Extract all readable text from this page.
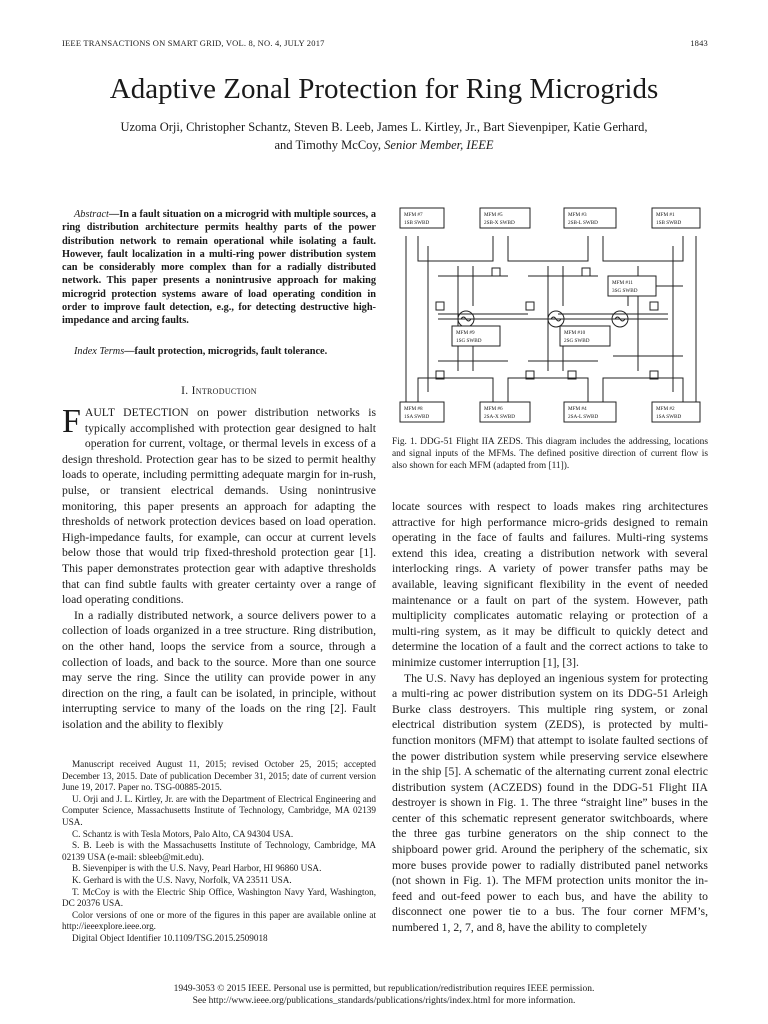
IEEE TRANSACTIONS ON SMART GRID, VOL. 8, NO. 4, JULY 2017	1843
Adaptive Zonal Protection for Ring Microgrids
Uzoma Orji, Christopher Schantz, Steven B. Leeb, James L. Kirtley, Jr., Bart Sievenpiper, Katie Gerhard,
and Timothy McCoy, Senior Member, IEEE
Abstract—In a fault situation on a microgrid with multiple sources, a ring distribution architecture permits healthy parts of the power distribution network to remain operational while isolating a fault. However, fault localization in a multi-ring power distribution system can be considerably more complex than for a radially distributed network. This paper presents a nonintrusive approach for making microgrid protection systems aware of load operating condition in order to improve fault detection, e.g., for detecting destructive high-impedance and arcing faults.
Index Terms—fault protection, microgrids, fault tolerance.
I. Introduction

FAULT DETECTION on power distribution networks is typically accomplished with protection gear designed to halt operation for current, voltage, or thermal levels in excess of a design threshold. Protection gear has to be sized to permit healthy loads to operate, including permitting adequate margin for in-rush, pulse, or transient electrical demands. Using nonintrusive monitoring, this paper presents an approach for adapting the thresholds of network protection devices based on load operation. High-impedance faults, for example, can occur at current levels below those that would trip fixed-threshold protection gear [1]. This paper demonstrates protection gear with adaptive thresholds that can find subtle faults with greater certainty over a range of load operating conditions.

In a radially distributed network, a source delivers power to a collection of loads organized in a tree structure. Ring distribution, on the other hand, loops the service from a source, through a collection of loads, and back to the source. More than one source may serve the ring. Since the utility can provide power in any direction on the ring, a fault can be isolated, in principle, without interrupting service to many of the loads on the ring [2]. Fault isolation and the ability to flexibly

Manuscript received August 11, 2015; revised October 25, 2015; accepted December 13, 2015. Date of publication December 31, 2015; date of current version June 19, 2017. Paper no. TSG-00885-2015.

U. Orji and J. L. Kirtley, Jr. are with the Department of Electrical Engineering and Computer Science, Massachusetts Institute of Technology, Cambridge, MA 02139 USA.

C. Schantz is with Tesla Motors, Palo Alto, CA 94304 USA.

S. B. Leeb is with the Massachusetts Institute of Technology, Cambridge, MA 02139 USA (e-mail: sbleeb@mit.edu).

B. Sievenpiper is with the U.S. Navy, Pearl Harbor, HI 96860 USA.

K. Gerhard is with the U.S. Navy, Norfolk, VA 23511 USA.

T. McCoy is with the Electric Ship Office, Washington Navy Yard, Washington, DC 20376 USA.

Color versions of one or more of the figures in this paper are available online at http://ieeexplore.ieee.org.

Digital Object Identifier 10.1109/TSG.2015.2509018

MFM #7
1SB SWBD
MFM #5
2SB-X SWBD
MFM #3
2SB-L SWBD
MFM #1
1SB SWBD
MFM #11
3SG SWBD
MFM #9
1SG SWBD
MFM #10
2SG SWBD
MFM #8
1SA SWBD
MFM #6
2SA-X SWBD
MFM #4
2SA-L SWBD
MFM #2
1SA SWBD
Fig. 1. DDG-51 Flight IIA ZEDS. This diagram includes the addressing, locations and signal inputs of the MFMs. The defined positive direction of current flow is also shown for each MFM (adapted from [11]).

locate sources with respect to loads makes ring architectures attractive for high performance micro-grids designed to remain operating in the face of faults and failures. Multi-ring systems extend this idea, creating a distribution network with several interlocking rings. A variety of power transfer paths may be available, leaving significant flexibility in the event of needed maintenance or a fault on part of the system. However, path multiplicity complicates automatic relaying or protection of a multi-ring system, as it may be difficult to quickly detect and determine the location of a fault and the correct actions to take to minimize customer interruption [1], [3].

The U.S. Navy has deployed an ingenious system for protecting a multi-ring ac power distribution system on its DDG-51 Arleigh Burke class destroyers. This multiple ring system, or zonal electrical distribution system (ZEDS), is protected by multi-function monitors (MFM) that attempt to isolate faulted sections of the power distribution system while preserving service elsewhere in the ship [5]. A schematic of the alternating current zonal electric distribution system (ACZEDS) found in the DDG-51 Flight IIA destroyer is shown in Fig. 1. The three “straight line” buses in the center of this schematic represent generator switchboards, where the three gas turbine generators on the ship connect to the shipboard power grid. Around the periphery of the schematic, six more buses provide power to radially distributed panel networks (not shown in Fig. 1). The MFM protection units monitor the in-feed and out-feed power to each bus, and have the ability to disconnect one power tie to a bus. The four corner MFM’s, numbered 1, 2, 7, and 8, have the ability to completely

1949-3053 © 2015 IEEE. Personal use is permitted, but republication/redistribution requires IEEE permission.
See http://www.ieee.org/publications_standards/publications/rights/index.html for more information.
